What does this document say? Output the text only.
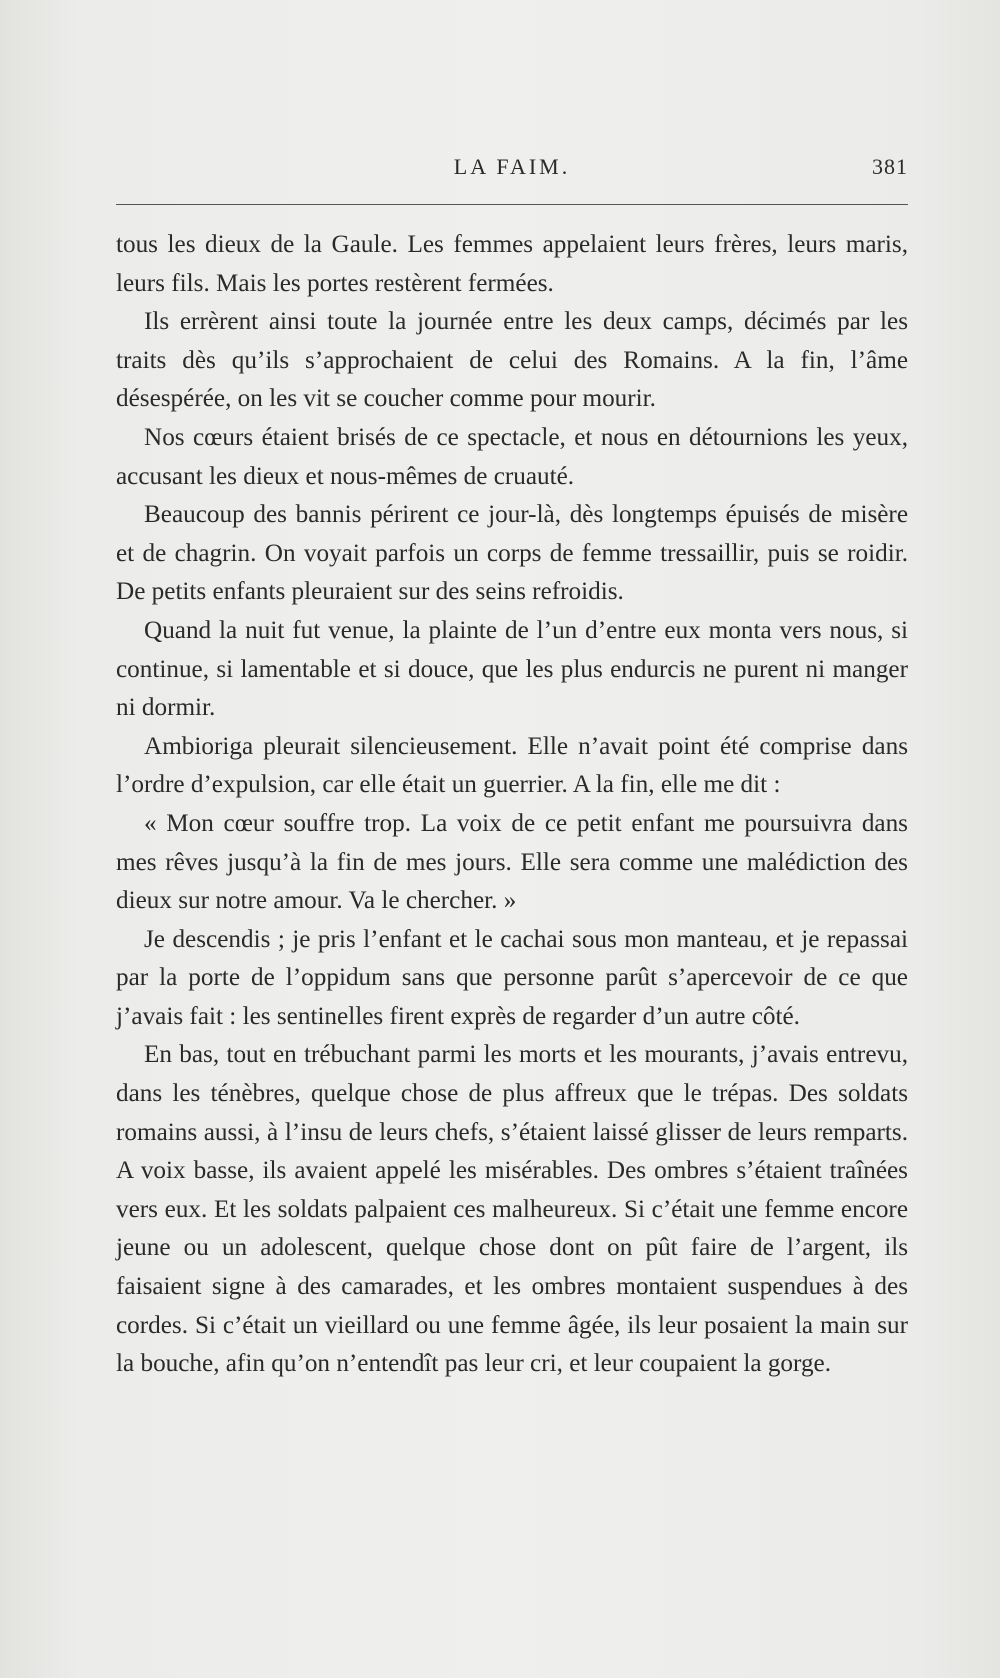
LA FAIM.	381

tous les dieux de la Gaule. Les femmes appelaient leurs frères, leurs maris, leurs fils. Mais les portes restèrent fermées.

Ils errèrent ainsi toute la journée entre les deux camps, décimés par les traits dès qu’ils s’approchaient de celui des Romains. A la fin, l’âme désespérée, on les vit se coucher comme pour mourir.

Nos cœurs étaient brisés de ce spectacle, et nous en détournions les yeux, accusant les dieux et nous-mêmes de cruauté.

Beaucoup des bannis périrent ce jour-là, dès longtemps épuisés de misère et de chagrin. On voyait parfois un corps de femme tressaillir, puis se roidir. De petits enfants pleuraient sur des seins refroidis.

Quand la nuit fut venue, la plainte de l’un d’entre eux monta vers nous, si continue, si lamentable et si douce, que les plus endurcis ne purent ni manger ni dormir.

Ambioriga pleurait silencieusement. Elle n’avait point été comprise dans l’ordre d’expulsion, car elle était un guerrier. A la fin, elle me dit :

« Mon cœur souffre trop. La voix de ce petit enfant me poursuivra dans mes rêves jusqu’à la fin de mes jours. Elle sera comme une malédiction des dieux sur notre amour. Va le chercher. »

Je descendis ; je pris l’enfant et le cachai sous mon manteau, et je repassai par la porte de l’oppidum sans que personne parût s’apercevoir de ce que j’avais fait : les sentinelles firent exprès de regarder d’un autre côté.

En bas, tout en trébuchant parmi les morts et les mourants, j’avais entrevu, dans les ténèbres, quelque chose de plus affreux que le trépas. Des soldats romains aussi, à l’insu de leurs chefs, s’étaient laissé glisser de leurs remparts. A voix basse, ils avaient appelé les misérables. Des ombres s’étaient traînées vers eux. Et les soldats palpaient ces malheureux. Si c’était une femme encore jeune ou un adolescent, quelque chose dont on pût faire de l’argent, ils faisaient signe à des camarades, et les ombres montaient suspendues à des cordes. Si c’était un vieillard ou une femme âgée, ils leur posaient la main sur la bouche, afin qu’on n’entendît pas leur cri, et leur coupaient la gorge.
